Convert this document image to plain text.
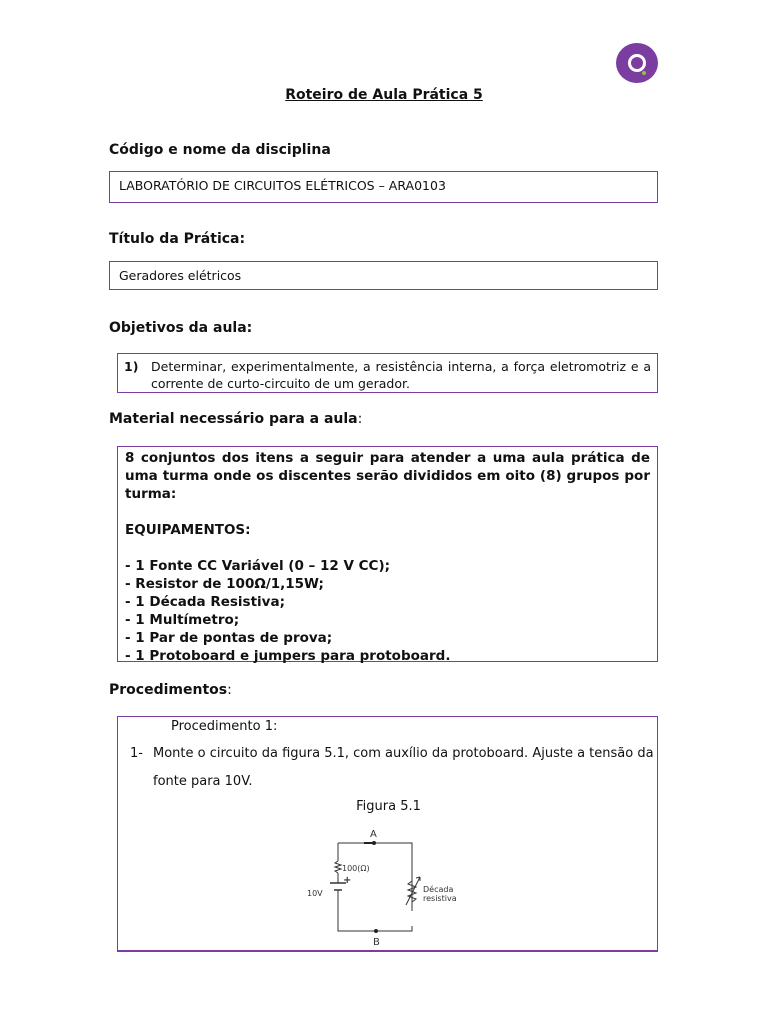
Roteiro de Aula Prática 5
Código e nome da disciplina
LABORATÓRIO DE CIRCUITOS ELÉTRICOS – ARA0103
Título da Prática:
Geradores elétricos
Objetivos da aula:
1)	Determinar, experimentalmente, a resistência interna, a força eletromotriz e a corrente de curto-circuito de um gerador.
Material necessário para a aula:
8 conjuntos dos itens a seguir para atender a uma aula prática de uma turma onde os discentes serão divididos em oito (8) grupos por turma:
EQUIPAMENTOS:
- 1 Fonte CC Variável (0 – 12 V CC);
- Resistor de 100Ω/1,15W;
- 1 Década Resistiva;
- 1 Multímetro;
- 1 Par de pontas de prova;
- 1 Protoboard e jumpers para protoboard.
Procedimentos:
Procedimento 1:
1- Monte o circuito da figura 5.1, com auxílio da protoboard. Ajuste a tensão da
fonte para 10V.
Figura 5.1
A
B
100(Ω)
+
10V	Década
resistiva
